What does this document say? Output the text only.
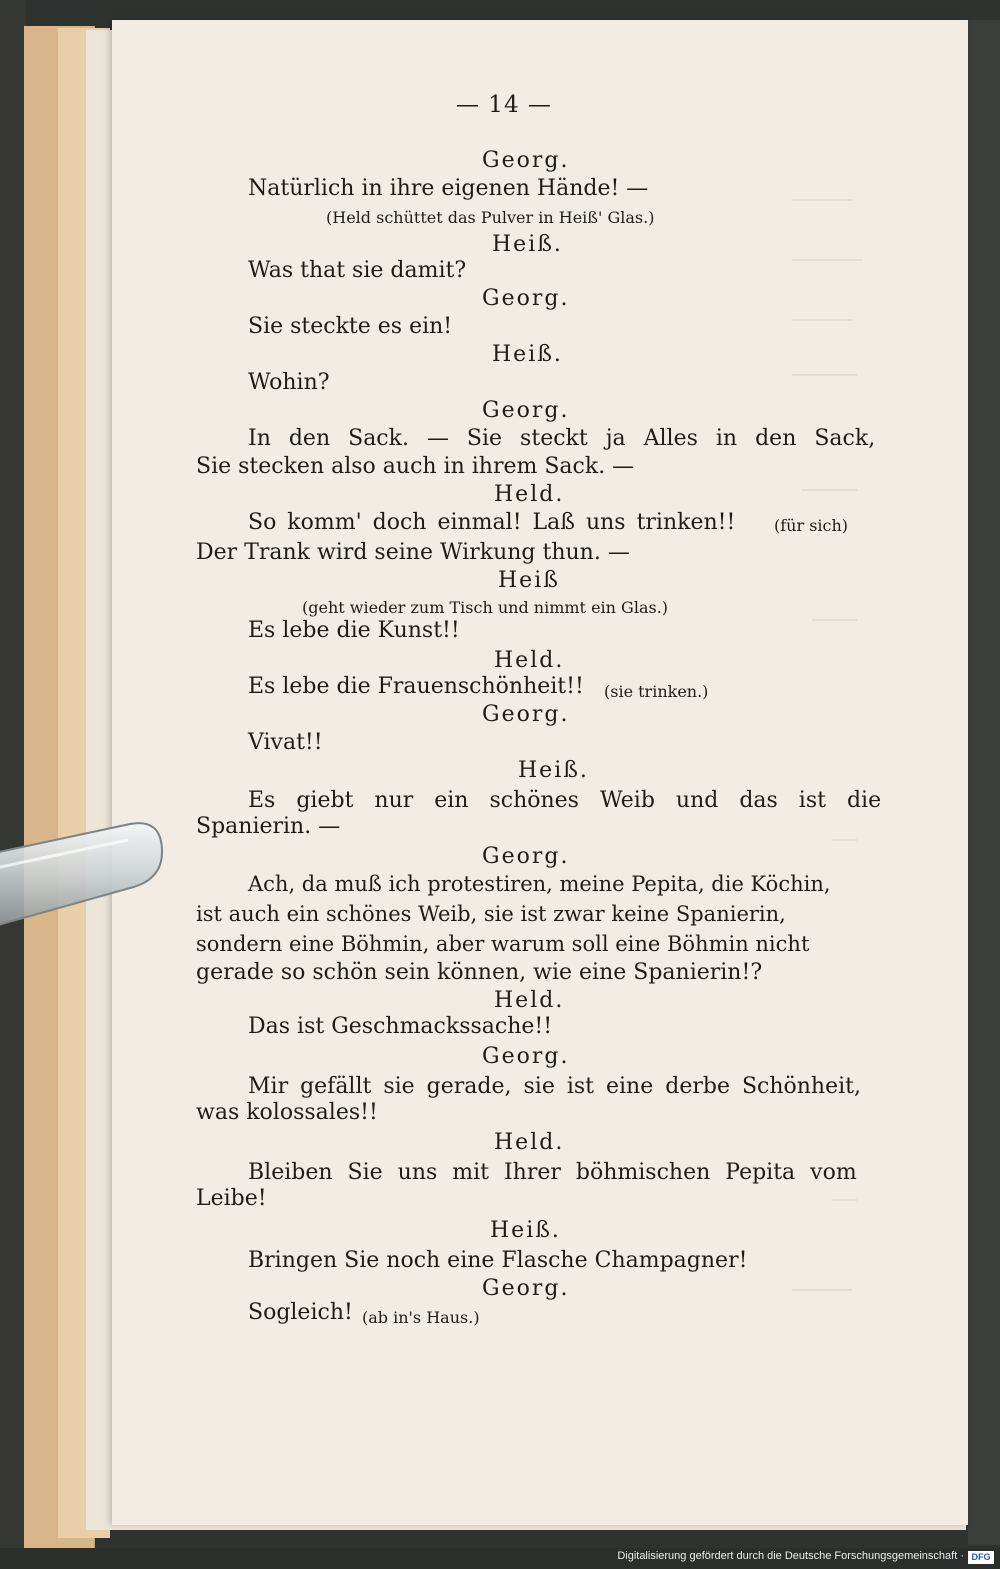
— 14 —
Georg.
Natürlich in ihre eigenen Hände! —
(Held schüttet das Pulver in Heiß' Glas.)
Heiß.
Was that sie damit?
Georg.
Sie steckte es ein!
Heiß.
Wohin?
Georg.
In den Sack. — Sie steckt ja Alles in den Sack,
Sie stecken also auch in ihrem Sack. —
Held.
So komm' doch einmal! Laß uns trinken!! (für sich)
Der Trank wird seine Wirkung thun. —
Heiß
(geht wieder zum Tisch und nimmt ein Glas.)
Es lebe die Kunst!!
Held.
Es lebe die Frauenschönheit!! (sie trinken.)
Georg.
Vivat!!
Heiß.
Es giebt nur ein schönes Weib und das ist die
Spanierin. —
Georg.
Ach, da muß ich protestiren, meine Pepita, die Köchin,
ist auch ein schönes Weib, sie ist zwar keine Spanierin,
sondern eine Böhmin, aber warum soll eine Böhmin nicht
gerade so schön sein können, wie eine Spanierin!?
Held.
Das ist Geschmackssache!!
Georg.
Mir gefällt sie gerade, sie ist eine derbe Schönheit,
was kolossales!!
Held.
Bleiben Sie uns mit Ihrer böhmischen Pepita vom
Leibe!
Heiß.
Bringen Sie noch eine Flasche Champagner!
Georg.
Sogleich! (ab in's Haus.)
Digitalisierung gefördert durch die Deutsche Forschungsgemeinschaft · DFG
